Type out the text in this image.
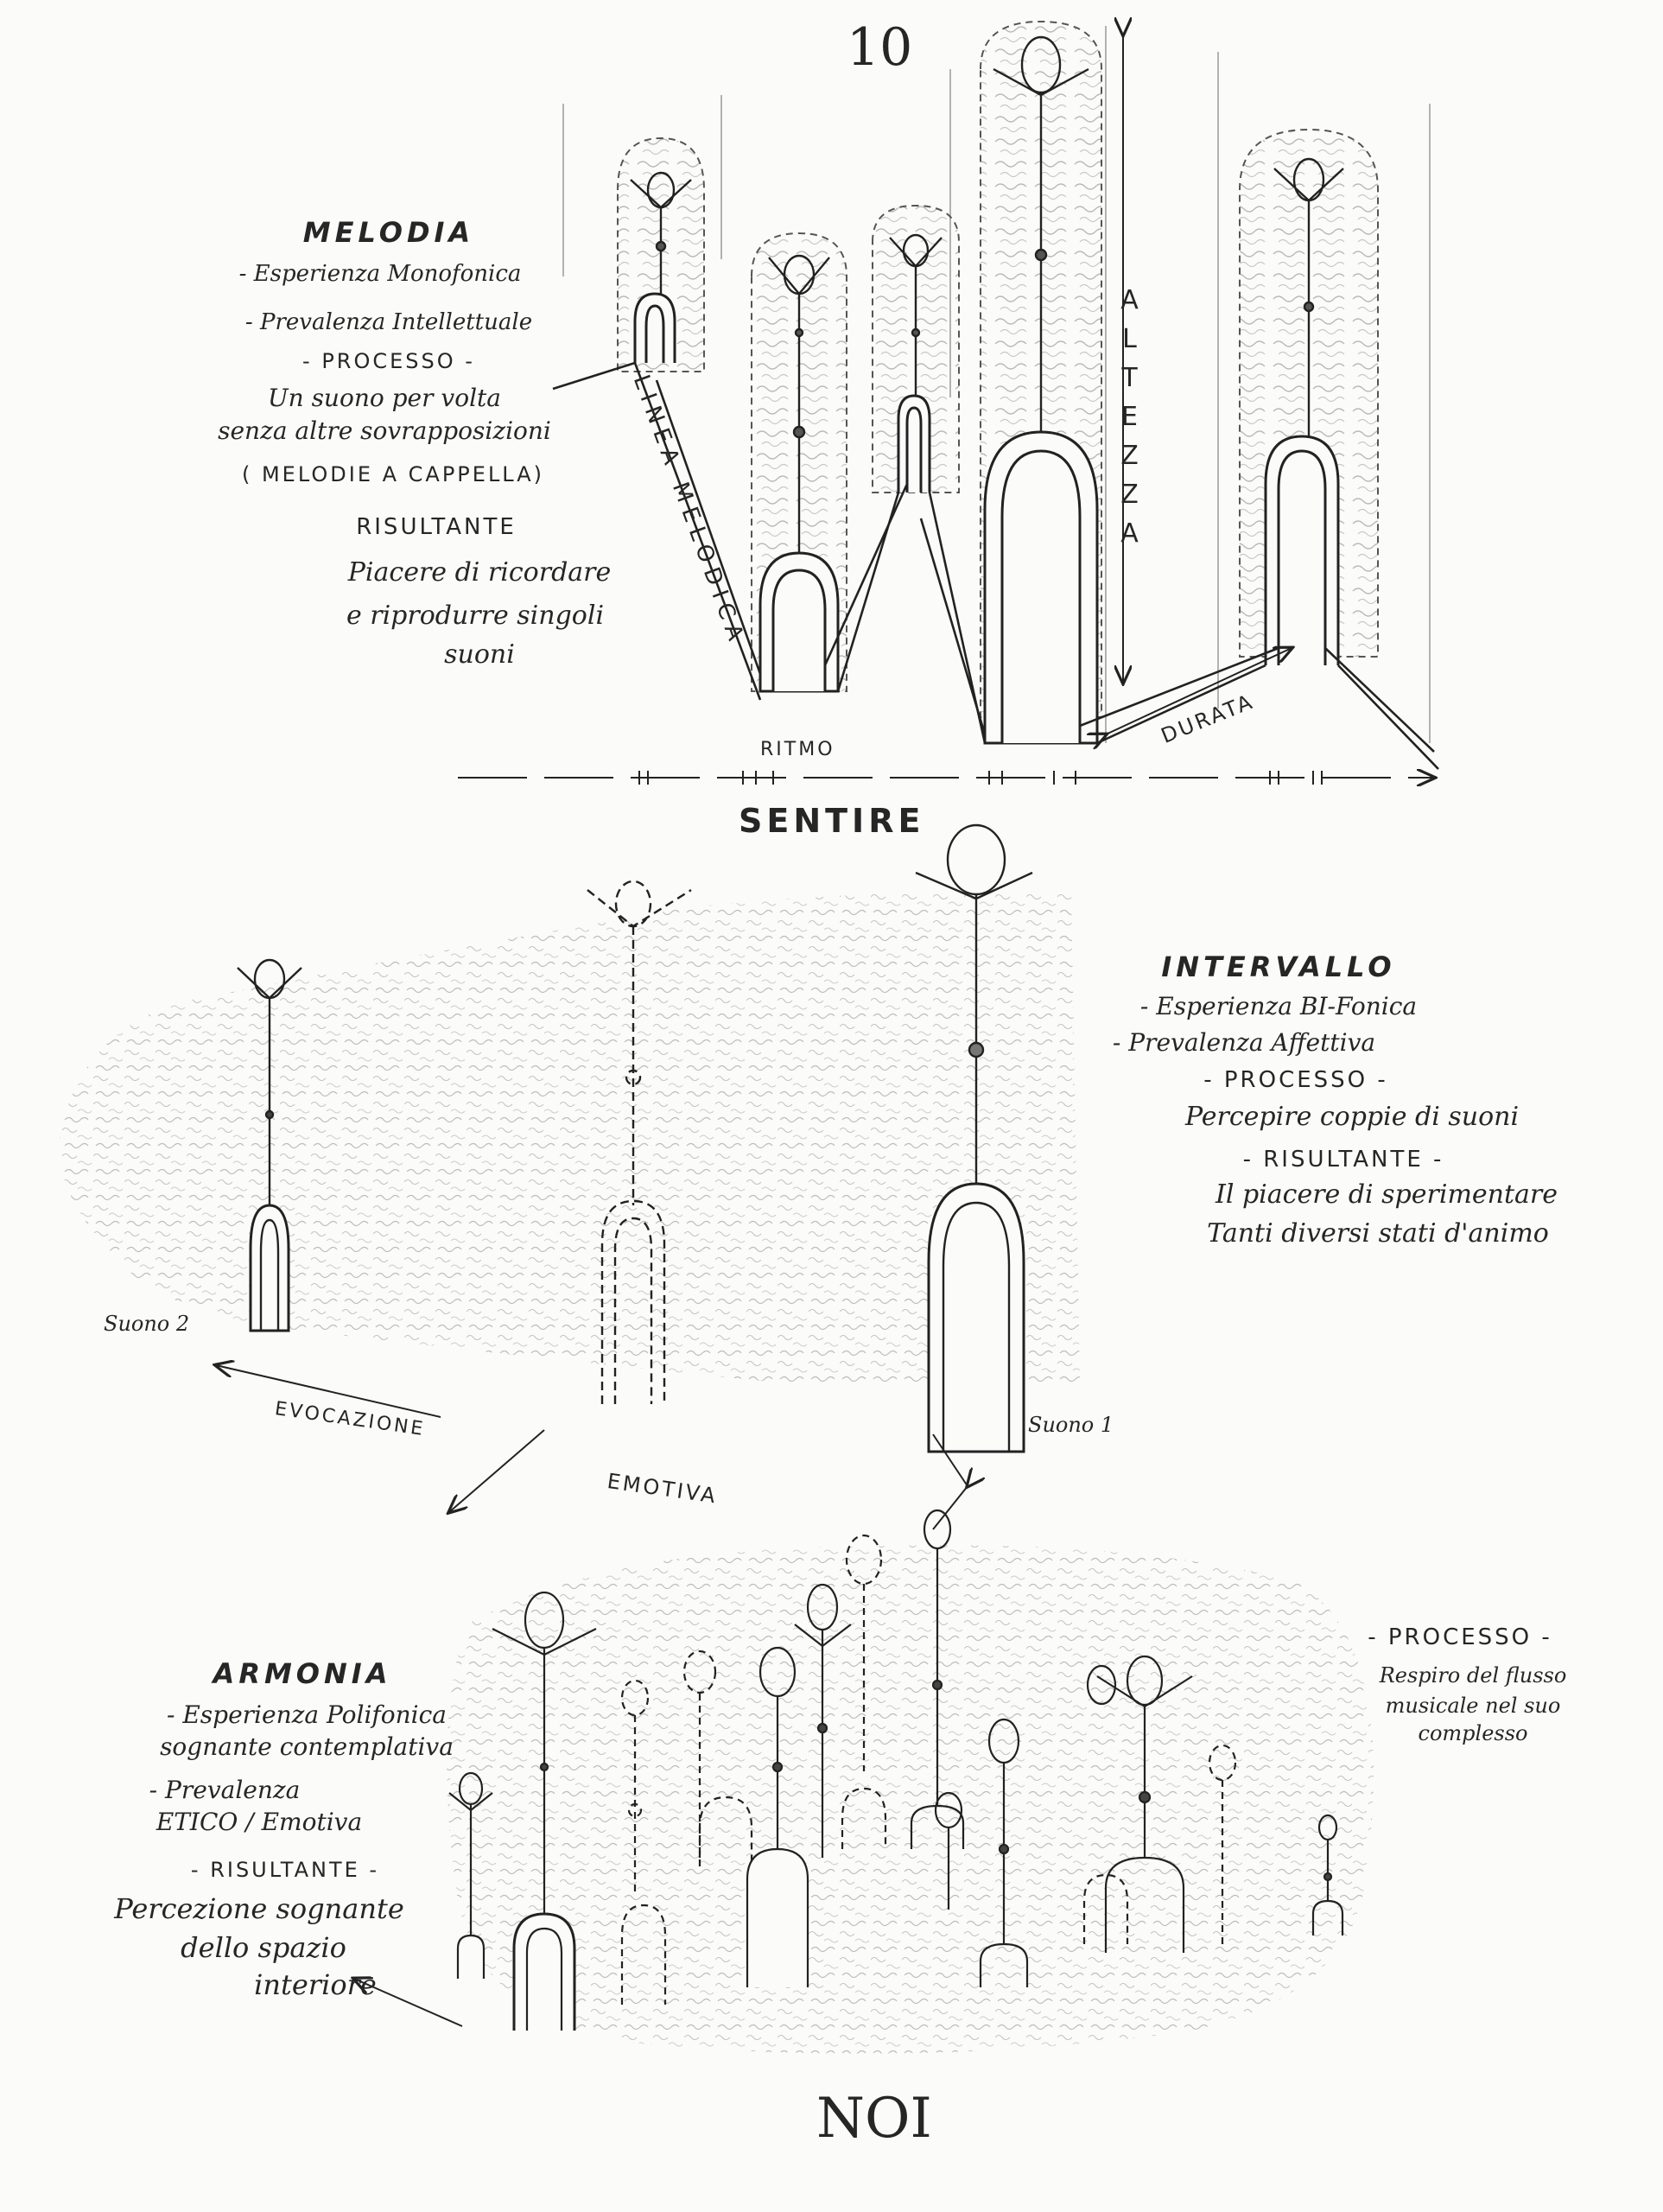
10
MELODIA
- Esperienza Monofonica
- Prevalenza Intellettuale
- PROCESSO -
Un suono per volta
senza altre sovrapposizioni
( MELODIE A CAPPELLA)
RISULTANTE
Piacere di ricordare
e riprodurre singoli
suoni
LINEA MELODICA	ALTEZZA
DURATA
RITMO
SENTIRE
INTERVALLO
- Esperienza BI-Fonica
- Prevalenza Affettiva
- PROCESSO -
Percepire coppie di suoni
- RISULTANTE -
Il piacere di sperimentare
Tanti diversi stati d'animo
Suono 2
Suono 1
EVOCAZIONE
EMOTIVA
ARMONIA
- Esperienza Polifonica
sognante contemplativa
- Prevalenza
ETICO / Emotiva
- RISULTANTE -
Percezione sognante
dello spazio
interiore
- PROCESSO -
Respiro del flusso
musicale nel suo
complesso
NOI
